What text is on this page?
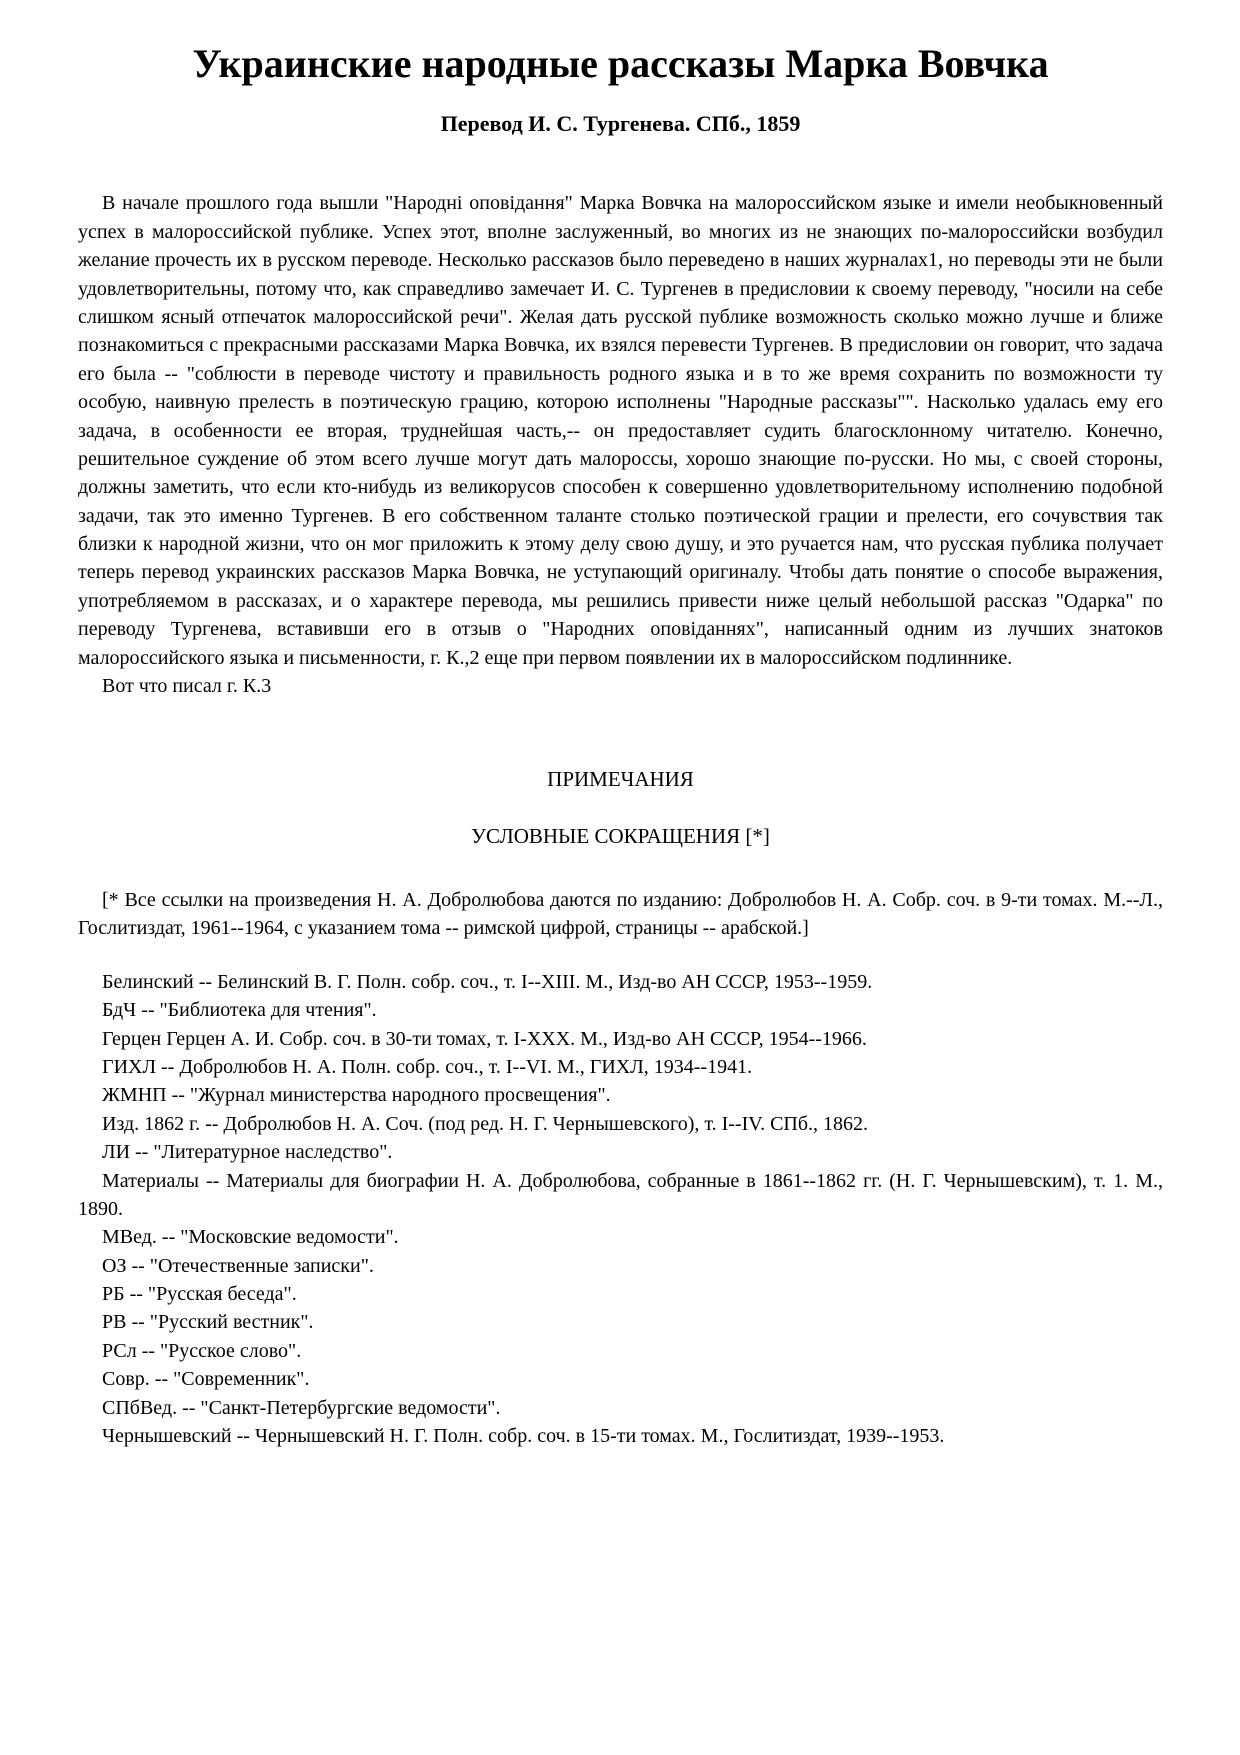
Украинские народные рассказы Марка Вовчка
Перевод И. С. Тургенева. СПб., 1859

В начале прошлого года вышли "Народні оповідання" Марка Вовчка на малороссийском языке и имели необыкновенный успех в малороссийской публике. Успех этот, вполне заслуженный, во многих из не знающих по-малороссийски возбудил желание прочесть их в русском переводе. Несколько рассказов было переведено в наших журналах1, но переводы эти не были удовлетворительны, потому что, как справедливо замечает И. С. Тургенев в предисловии к своему переводу, "носили на себе слишком ясный отпечаток малороссийской речи". Желая дать русской публике возможность сколько можно лучше и ближе познакомиться с прекрасными рассказами Марка Вовчка, их взялся перевести Тургенев. В предисловии он говорит, что задача его была -- "соблюсти в переводе чистоту и правильность родного языка и в то же время сохранить по возможности ту особую, наивную прелесть в поэтическую грацию, которою исполнены "Народные рассказы"". Насколько удалась ему его задача, в особенности ее вторая, труднейшая часть,-- он предоставляет судить благосклонному читателю. Конечно, решительное суждение об этом всего лучше могут дать малороссы, хорошо знающие по-русски. Но мы, с своей стороны, должны заметить, что если кто-нибудь из великорусов способен к совершенно удовлетворительному исполнению подобной задачи, так это именно Тургенев. В его собственном таланте столько поэтической грации и прелести, его сочувствия так близки к народной жизни, что он мог приложить к этому делу свою душу, и это ручается нам, что русская публика получает теперь перевод украинских рассказов Марка Вовчка, не уступающий оригиналу. Чтобы дать понятие о способе выражения, употребляемом в рассказах, и о характере перевода, мы решились привести ниже целый небольшой рассказ "Одарка" по переводу Тургенева, вставивши его в отзыв о "Народних оповіданнях", написанный одним из лучших знатоков малороссийского языка и письменности, г. К.,2 еще при первом появлении их в малороссийском подлиннике.

Вот что писал г. К.3

ПРИМЕЧАНИЯ
УСЛОВНЫЕ СОКРАЩЕНИЯ [*]

[* Все ссылки на произведения Н. А. Добролюбова даются по изданию: Добролюбов Н. А. Собр. соч. в 9-ти томах. М.--Л., Гослитиздат, 1961--1964, с указанием тома -- римской цифрой, страницы -- арабской.]

Белинский -- Белинский В. Г. Полн. собр. соч., т. I--XIII. М., Изд-во АН СССР, 1953--1959.

БдЧ -- "Библиотека для чтения".

Герцен Герцен А. И. Собр. соч. в 30-ти томах, т. I-XXX. М., Изд-во АН СССР, 1954--1966.

ГИХЛ -- Добролюбов Н. А. Полн. собр. соч., т. I--VI. М., ГИХЛ, 1934--1941.

ЖМНП -- "Журнал министерства народного просвещения".

Изд. 1862 г. -- Добролюбов Н. А. Соч. (под ред. Н. Г. Чернышевского), т. I--IV. СПб., 1862.

ЛИ -- "Литературное наследство".

Материалы -- Материалы для биографии Н. А. Добролюбова, собранные в 1861--1862 гг. (Н. Г. Чернышевским), т. 1. М., 1890.

МВед. -- "Московские ведомости".

ОЗ -- "Отечественные записки".

РБ -- "Русская беседа".

РВ -- "Русский вестник".

РСл -- "Русское слово".

Совр. -- "Современник".

СПбВед. -- "Санкт-Петербургские ведомости".

Чернышевский -- Чернышевский Н. Г. Полн. собр. соч. в 15-ти томах. М., Гослитиздат, 1939--1953.
